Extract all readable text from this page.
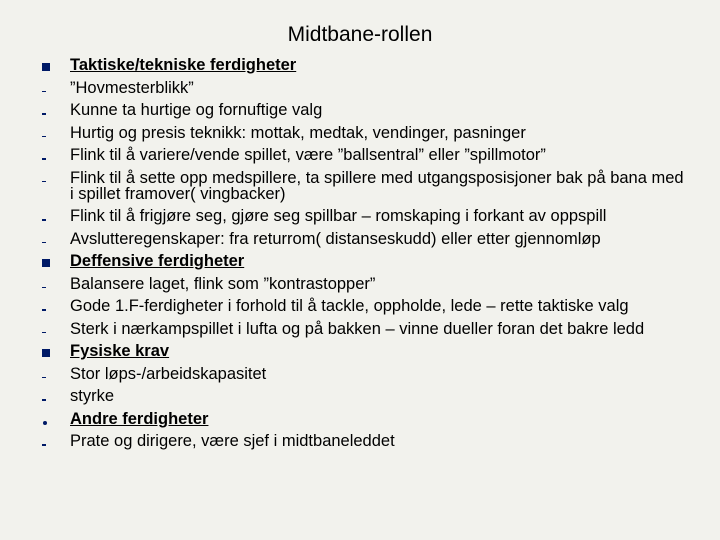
Midtbane-rollen
Taktiske/tekniske ferdigheter
”Hovmesterblikk”
Kunne ta hurtige og fornuftige valg
Hurtig og presis teknikk: mottak, medtak, vendinger, pasninger
Flink til å variere/vende spillet, være ”ballsentral” eller ”spillmotor”
Flink til å sette opp medspillere, ta spillere med utgangsposisjoner bak på bana med i spillet framover( vingbacker)
Flink til å frigjøre seg, gjøre seg spillbar – romskaping i forkant av oppspill
Avslutteregenskaper: fra returrom( distanseskudd) eller etter gjennomløp
Deffensive ferdigheter
Balansere laget, flink som ”kontrastopper”
Gode 1.F-ferdigheter i forhold til å tackle, oppholde, lede – rette taktiske valg
Sterk i nærkampspillet i lufta og på bakken – vinne dueller foran det bakre ledd
Fysiske krav
Stor løps-/arbeidskapasitet
styrke
Andre ferdigheter
Prate og dirigere, være sjef i midtbaneleddet
